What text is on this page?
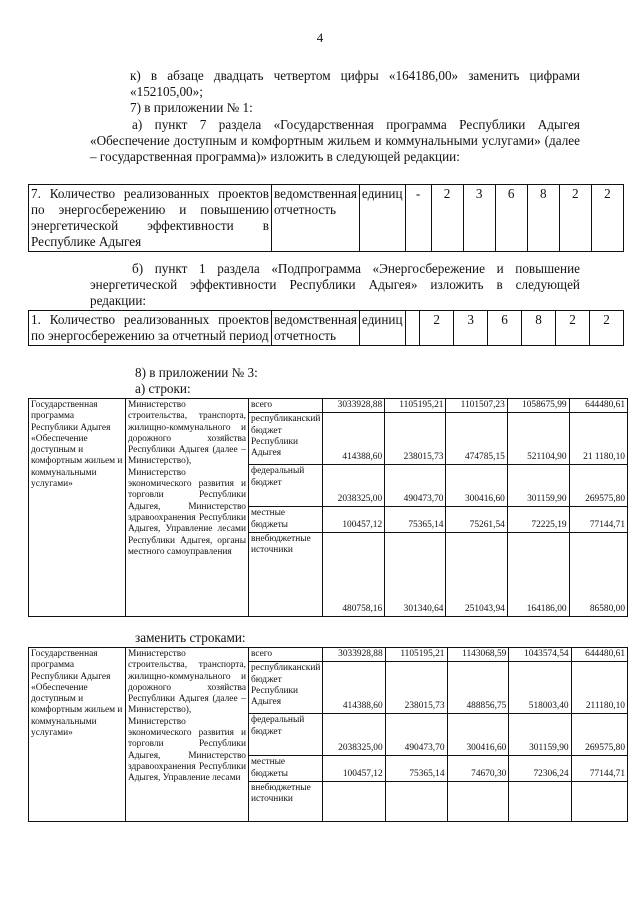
4

к) в абзаце двадцать четвертом цифры «164186,00» заменить цифрами «152105,00»;

7) в приложении № 1:

а) пункт 7 раздела «Государственная программа Республики Адыгея «Обеспечение доступным и комфортным жильем и коммунальными услугами» (далее – государственная программа)» изложить в следующей редакции:

7. Количество реализованных проектов по энергосбережению и повышению энергетической эффективности в Республике Адыгея	ведомственная отчетность	единиц	-	2	3	6	8	2	2

б) пункт 1 раздела «Подпрограмма «Энергосбережение и повышение энергетической эффективности Республики Адыгея» изложить в следующей редакции:

1. Количество реализованных проектов по энергосбережению за отчетный период	ведомственная отчетность	единиц		2	3	6	8	2	2

8) в приложении № 3:

а) строки:

Государственная программа Республики Адыгея «Обеспечение доступным и комфортным жильем и коммунальными услугами»	Министерство строительства, транспорта, жилищно-коммунального и дорожного хозяйства Республики Адыгея (далее – Министерство), Министерство экономического развития и торговли Республики Адыгея, Министерство здравоохранения Республики Адыгея, Управление лесами Республики Адыгея, органы местного самоуправления	всего	3033928,88	1105195,21	1101507,23	1058675,99	644480,61
		республиканский бюджет Республики Адыгея	414388,60	238015,73	474785,15	521104,90	21 1180,10
		федеральный бюджет	2038325,00	490473,70	300416,60	301159,90	269575,80
		местные бюджеты	100457,12	75365,14	75261,54	72225,19	77144,71
		внебюджетные источники	480758,16	301340,64	251043,94	164186,00	86580,00

заменить строками:

Государственная программа Республики Адыгея «Обеспечение доступным и комфортным жильем и коммунальными услугами»	Министерство строительства, транспорта, жилищно-коммунального и дорожного хозяйства Республики Адыгея (далее – Министерство), Министерство экономического развития и торговли Республики Адыгея, Министерство здравоохранения Республики Адыгея, Управление лесами	всего	3033928,88	1105195,21	1143068,59	1043574,54	644480,61
		республиканский бюджет Республики Адыгея	414388,60	238015,73	488856,75	518003,40	211180,10
		федеральный бюджет	2038325,00	490473,70	300416,60	301159,90	269575,80
		местные бюджеты	100457,12	75365,14	74670,30	72306,24	77144,71
		внебюджетные источники					
